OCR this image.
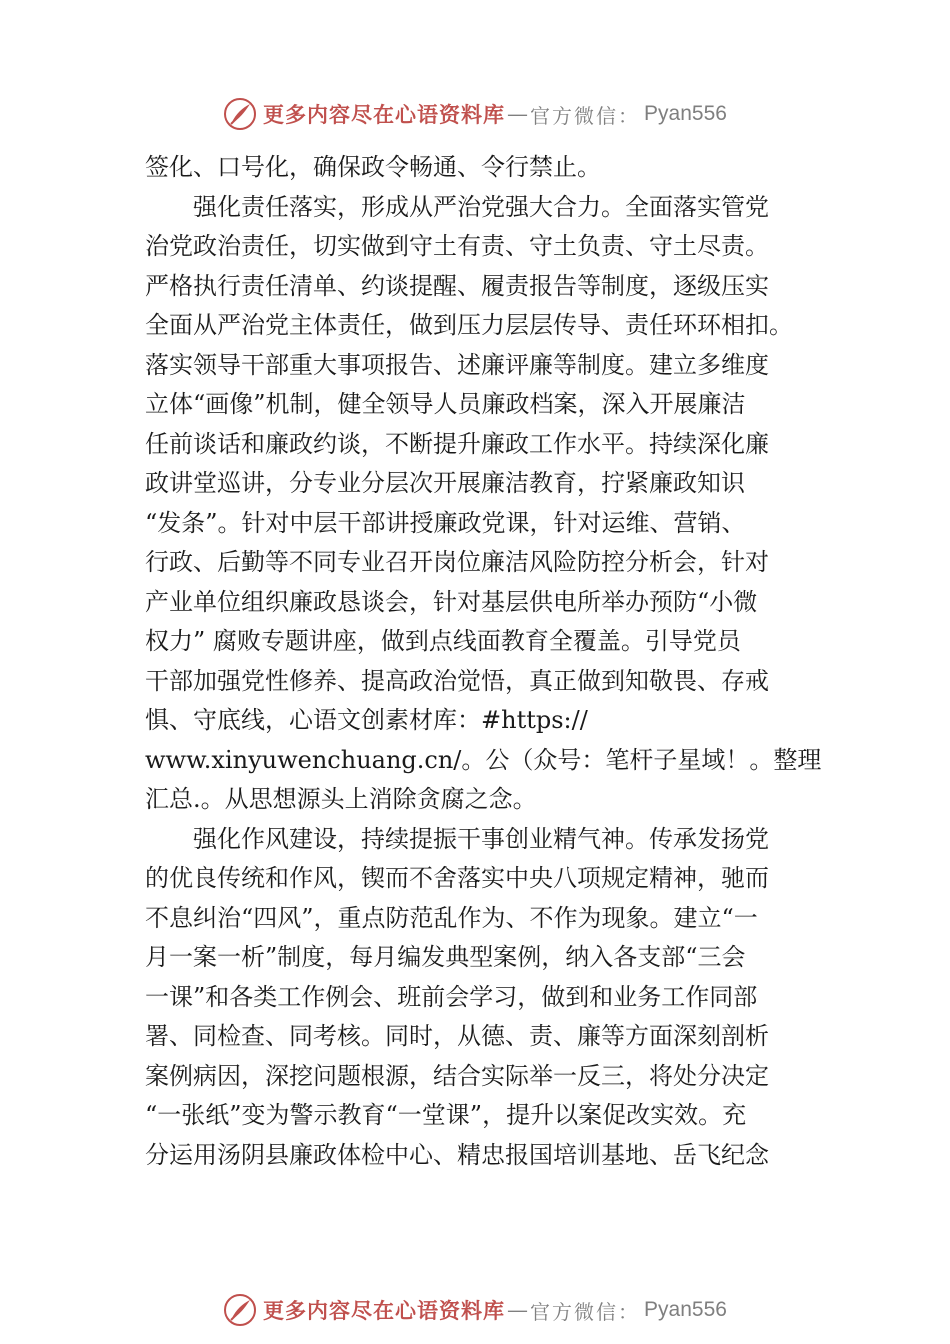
更多内容尽在心语资料库 — 官方微信： Pyan556
签化、口号化，确保政令畅通、令行禁止。
　　强化责任落实，形成从严治党强大合力。全面落实管党
治党政治责任，切实做到守土有责、守土负责、守土尽责。
严格执行责任清单、约谈提醒、履责报告等制度，逐级压实
全面从严治党主体责任，做到压力层层传导、责任环环相扣。
落实领导干部重大事项报告、述廉评廉等制度。建立多维度
立体“画像”机制，健全领导人员廉政档案，深入开展廉洁
任前谈话和廉政约谈，不断提升廉政工作水平。持续深化廉
政讲堂巡讲，分专业分层次开展廉洁教育，拧紧廉政知识
“发条”。针对中层干部讲授廉政党课，针对运维、营销、
行政、后勤等不同专业召开岗位廉洁风险防控分析会，针对
产业单位组织廉政恳谈会，针对基层供电所举办预防“小微
权力” 腐败专题讲座，做到点线面教育全覆盖。引导党员
干部加强党性修养、提高政治觉悟，真正做到知敬畏、存戒
惧、守底线，心语文创素材库：#https://
www.xinyuwenchuang.cn/。公（众号：笔杆子星域！。整理
汇总.。从思想源头上消除贪腐之念。
　　强化作风建设，持续提振干事创业精气神。传承发扬党
的优良传统和作风，锲而不舍落实中央八项规定精神，驰而
不息纠治“四风”，重点防范乱作为、不作为现象。建立“一
月一案一析”制度，每月编发典型案例，纳入各支部“三会
一课”和各类工作例会、班前会学习，做到和业务工作同部
署、同检查、同考核。同时，从德、责、廉等方面深刻剖析
案例病因，深挖问题根源，结合实际举一反三，将处分决定
“一张纸”变为警示教育“一堂课”，提升以案促改实效。充
分运用汤阴县廉政体检中心、精忠报国培训基地、岳飞纪念
更多内容尽在心语资料库 — 官方微信： Pyan556
